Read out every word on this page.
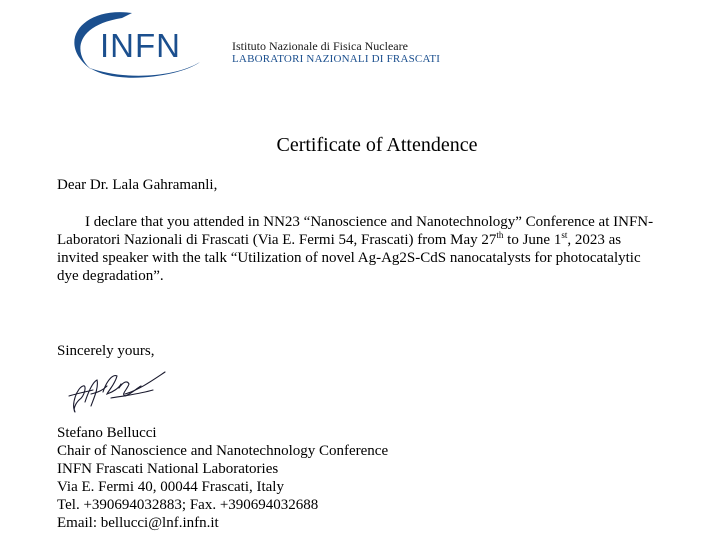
INFN	Istituto Nazionale di Fisica Nucleare
LABORATORI NAZIONALI DI FRASCATI
Certificate of Attendence
Dear Dr. Lala Gahramanli,
I declare that you attended in NN23 “Nanoscience and Nanotechnology” Conference at INFN-Laboratori Nazionali di Frascati (Via E. Fermi 54, Frascati) from May 27th to June 1st, 2023 as invited speaker with the talk “Utilization of novel Ag-Ag2S-CdS nanocatalysts for photocatalytic dye degradation”.
Sincerely yours,
Stefano Bellucci
Chair of Nanoscience and Nanotechnology Conference
INFN Frascati National Laboratories
Via E. Fermi 40, 00044 Frascati, Italy
Tel. +390694032883; Fax. +390694032688
Email: bellucci@lnf.infn.it
